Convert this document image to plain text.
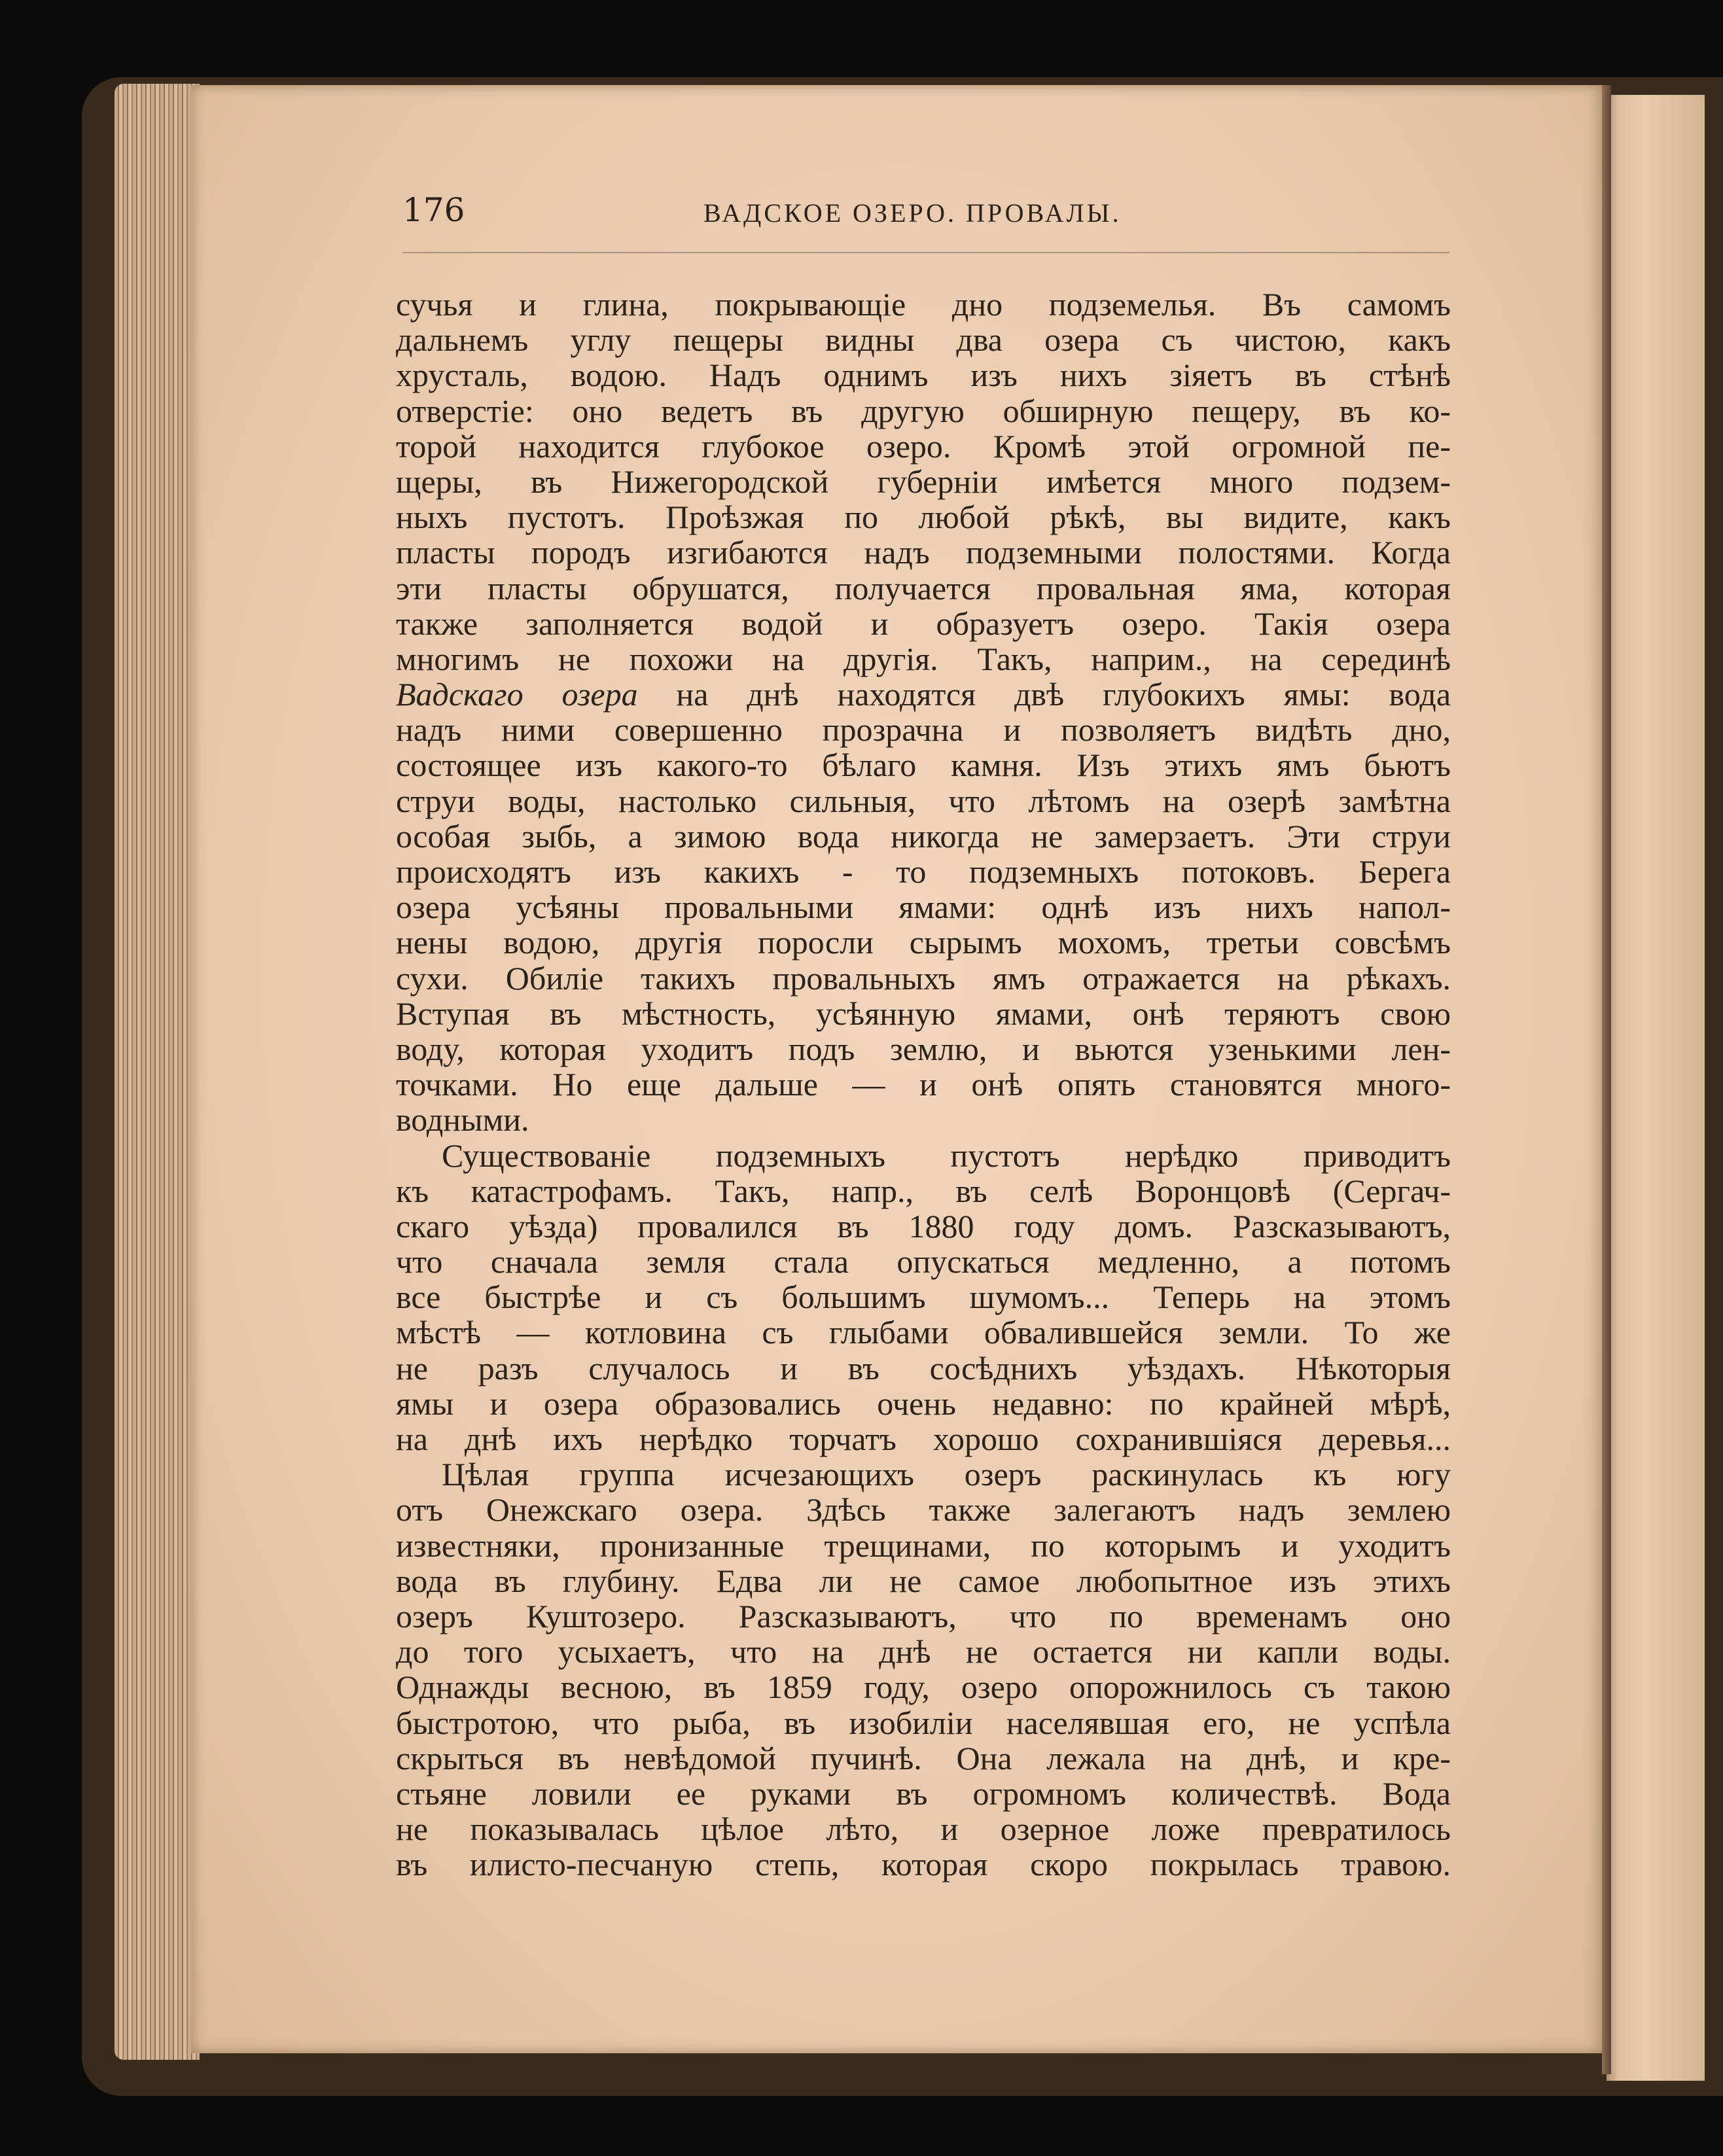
176	ВАДСКОЕ ОЗЕРО. ПРОВАЛЫ.
сучья и глина, покрывающіе дно подземелья. Въ самомъ
дальнемъ углу пещеры видны два озера съ чистою, какъ
хрусталь, водою. Надъ однимъ изъ нихъ зіяетъ въ стѣнѣ
отверстіе: оно ведетъ въ другую обширную пещеру, въ ко-
торой находится глубокое озеро. Кромѣ этой огромной пе-
щеры, въ Нижегородской губерніи имѣется много подзем-
ныхъ пустотъ. Проѣзжая по любой рѣкѣ, вы видите, какъ
пласты породъ изгибаются надъ подземными полостями. Когда
эти пласты обрушатся, получается провальная яма, которая
также заполняется водой и образуетъ озеро. Такія озера
многимъ не похожи на другія. Такъ, наприм., на серединѣ
Вадскаго озера на днѣ находятся двѣ глубокихъ ямы: вода
надъ ними совершенно прозрачна и позволяетъ видѣть дно,
состоящее изъ какого-то бѣлаго камня. Изъ этихъ ямъ бьютъ
струи воды, настолько сильныя, что лѣтомъ на озерѣ замѣтна
особая зыбь, а зимою вода никогда не замерзаетъ. Эти струи
происходятъ изъ какихъ - то подземныхъ потоковъ. Берега
озера усѣяны провальными ямами: однѣ изъ нихъ напол-
нены водою, другія поросли сырымъ мохомъ, третьи совсѣмъ
сухи. Обиліе такихъ провальныхъ ямъ отражается на рѣкахъ.
Вступая въ мѣстность, усѣянную ямами, онѣ теряютъ свою
воду, которая уходитъ подъ землю, и вьются узенькими лен-
точками. Но еще дальше — и онѣ опять становятся много-
водными.
Существованіе подземныхъ пустотъ нерѣдко приводитъ
къ катастрофамъ. Такъ, напр., въ селѣ Воронцовѣ (Сергач-
скаго уѣзда) провалился въ 1880 году домъ. Разсказываютъ,
что сначала земля стала опускаться медленно, а потомъ
все быстрѣе и съ большимъ шумомъ... Теперь на этомъ
мѣстѣ — котловина съ глыбами обвалившейся земли. То же
не разъ случалось и въ сосѣднихъ уѣздахъ. Нѣкоторыя
ямы и озера образовались очень недавно: по крайней мѣрѣ,
на днѣ ихъ нерѣдко торчатъ хорошо сохранившіяся деревья...
Цѣлая группа исчезающихъ озеръ раскинулась къ югу
отъ Онежскаго озера. Здѣсь также залегаютъ надъ землею
известняки, пронизанные трещинами, по которымъ и уходитъ
вода въ глубину. Едва ли не самое любопытное изъ этихъ
озеръ Куштозеро. Разсказываютъ, что по временамъ оно
до того усыхаетъ, что на днѣ не остается ни капли воды.
Однажды весною, въ 1859 году, озеро опорожнилось съ такою
быстротою, что рыба, въ изобиліи населявшая его, не успѣла
скрыться въ невѣдомой пучинѣ. Она лежала на днѣ, и кре-
стьяне ловили ее руками въ огромномъ количествѣ. Вода
не показывалась цѣлое лѣто, и озерное ложе превратилось
въ илисто-песчаную степь, которая скоро покрылась травою.
